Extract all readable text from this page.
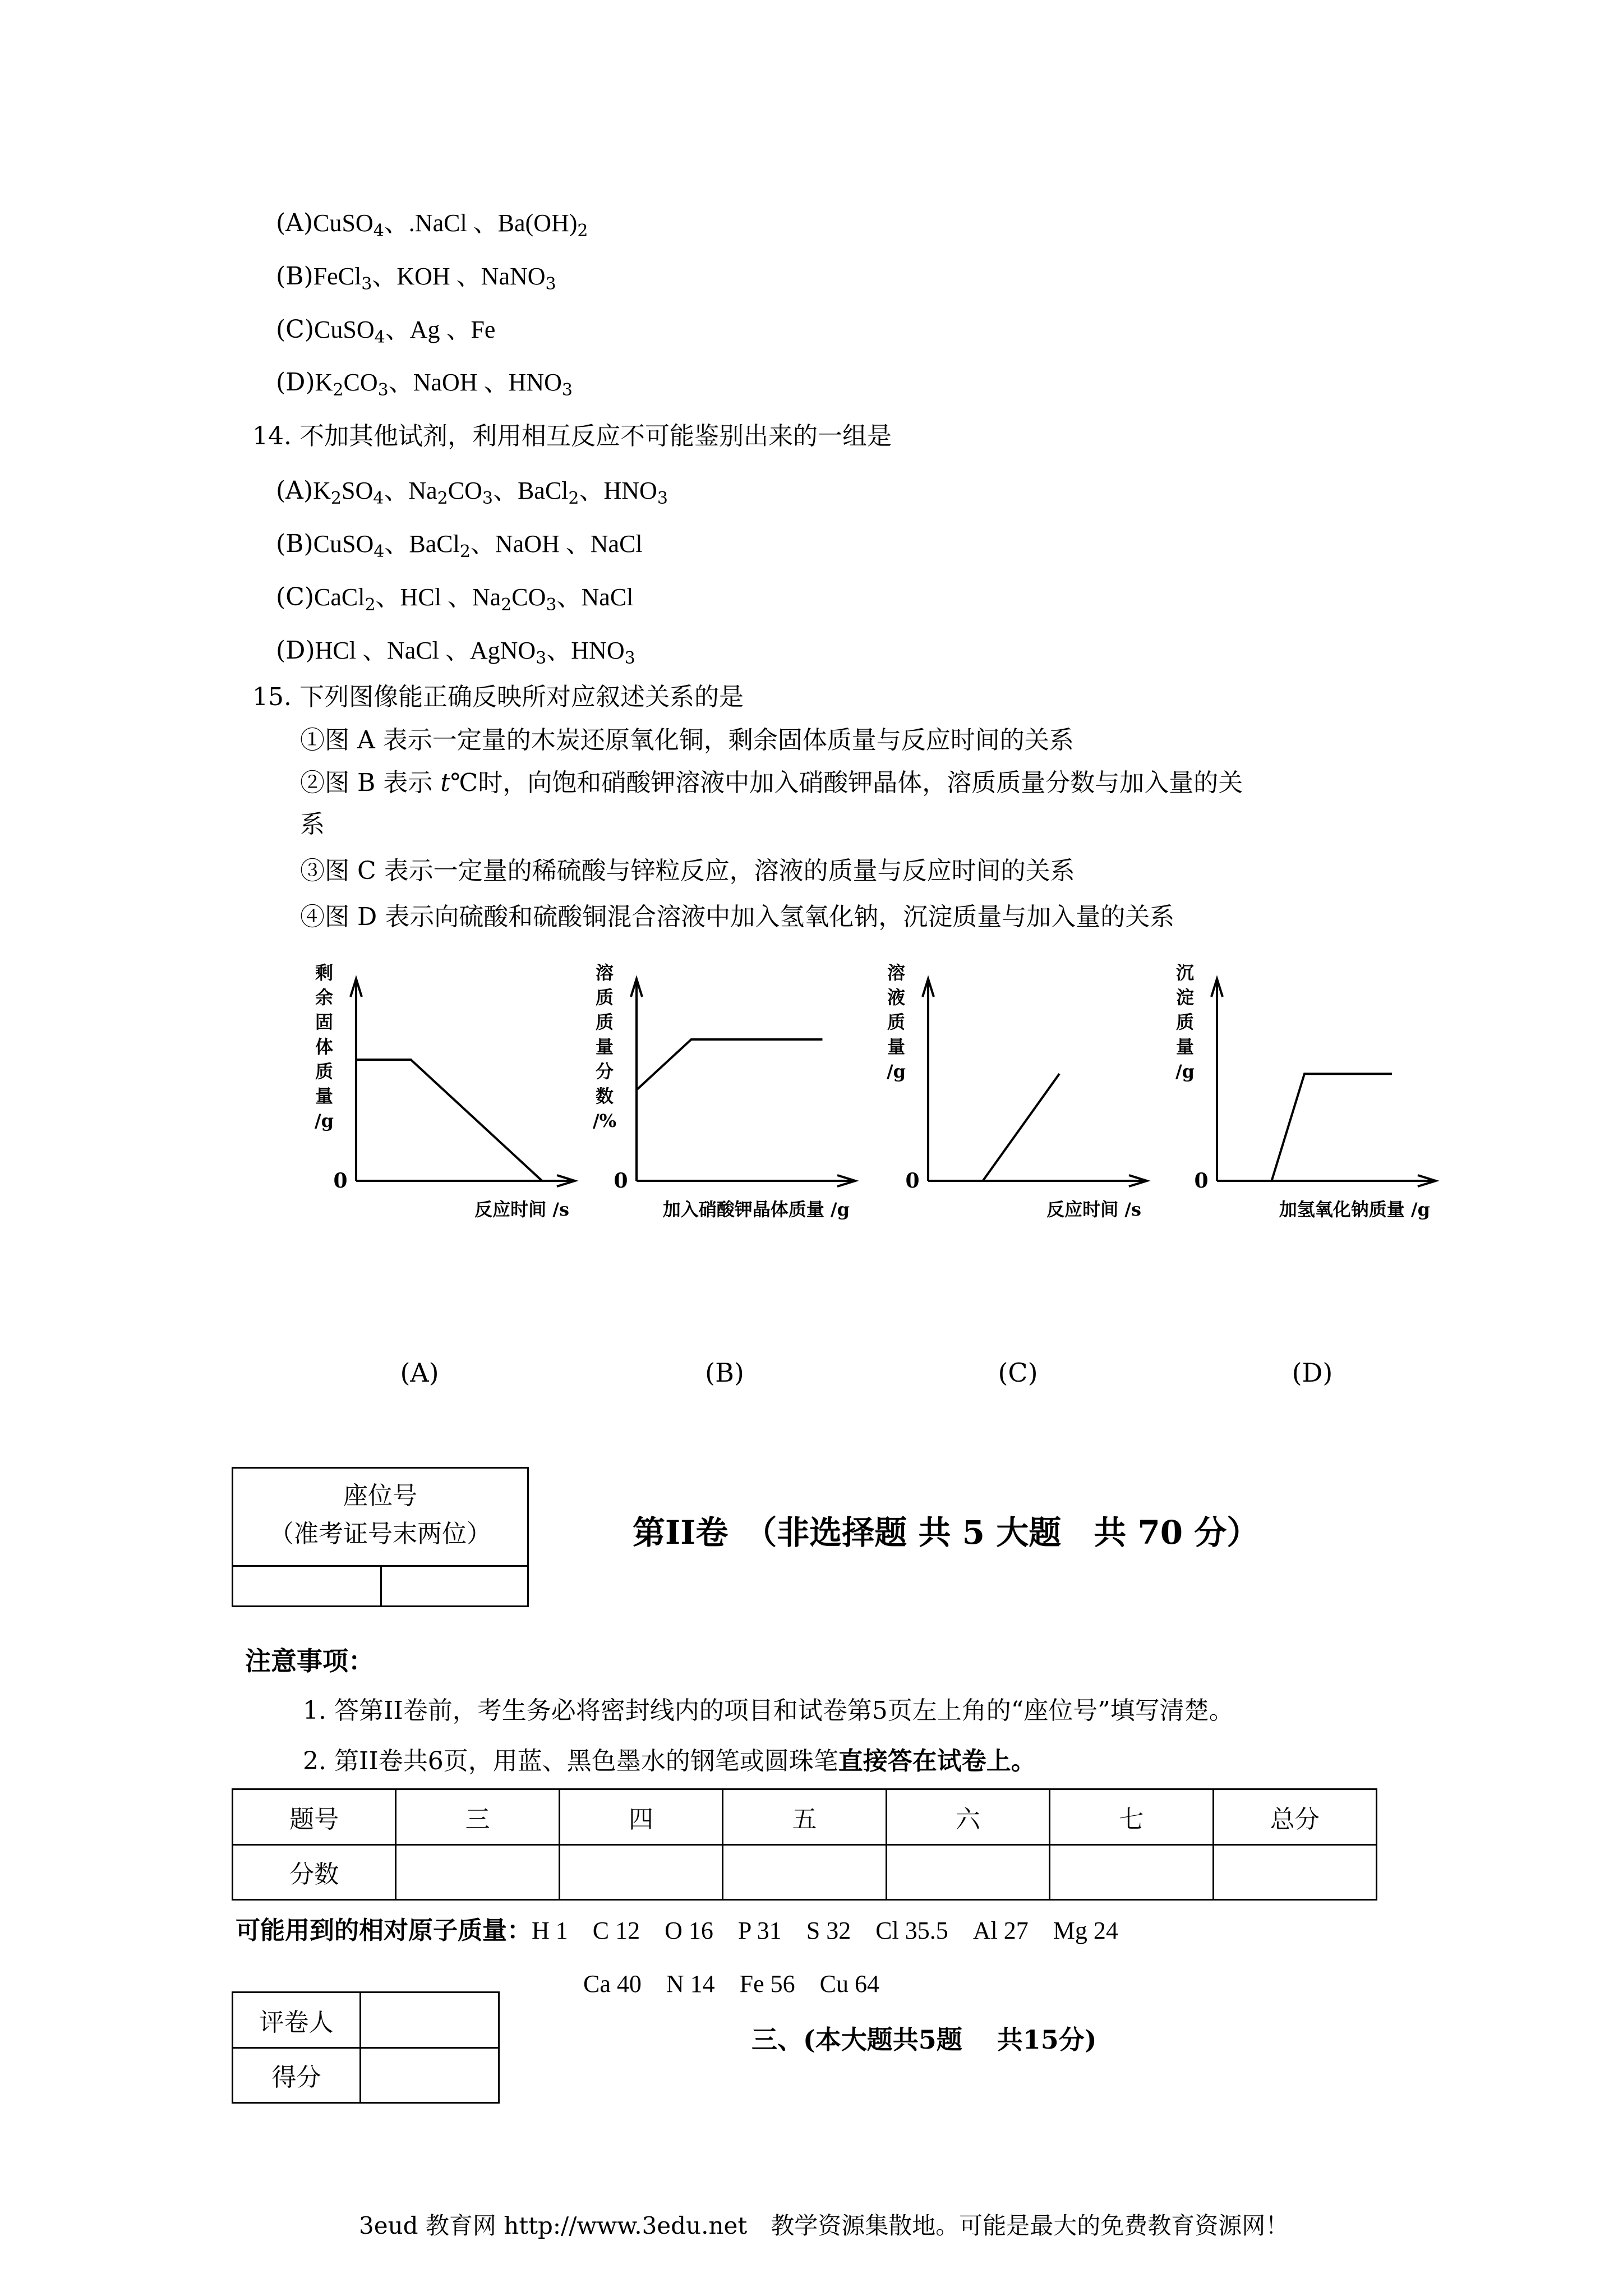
(A)CuSO$_4$、.NaCl 、$Ba(OH)_2$
(B)FeCl$_3$、KOH 、NaNO$_3$
(C)CuSO$_4$、Ag 、Fe
$(D)K_2CO_3$、NaOH 、$HNO_3$
14. 不加其他试剂，利用相互反应不可能鉴别出来的一组是
$(A)K_2SO_4$、$Na_2CO_3$、BaCl$_2$、$HNO_3$
(B)CuSO$_4$、BaCl$_2$、NaOH 、NaCl
(C)CaCl$_2$、HCl 、$Na_2CO_3$、NaCl
(D)HCl 、NaCl 、AgNO$_3$、$HNO_3$
15. 下列图像能正确反映所对应叙述关系的是
①图 A 表示一定量的木炭还原氧化铜，剩余固体质量与反应时间的关系
②图 B 表示 t℃时，向饱和硝酸钾溶液中加入硝酸钾晶体，溶质质量分数与加入量的关
系
③图 C 表示一定量的稀硫酸与锌粒反应，溶液的质量与反应时间的关系
④图 D 表示向硫酸和硫酸铜混合溶液中加入氢氧化钠，沉淀质量与加入量的关系
剩
余
固
体
质
量
∕g
0
反应时间 ∕s
溶
质
质
量
分
数
∕%
0
加入硝酸钾晶体质量 ∕g
溶
液
质
量
∕g
0
反应时间 ∕s
沉
淀
质
量
∕g
0
加氢氧化钠质量 ∕g
(A)	(B)	(C)	(D)
座位号
（准考证号末两位）	第II卷　（非选择题 共 5 大题　共 70 分）
注意事项：
1. 答第II卷前，考生务必将密封线内的项目和试卷第5页左上角的“座位号”填写清楚。
2. 第II卷共6页，用蓝、黑色墨水的钢笔或圆珠笔直接答在试卷上。
题号	三	四	五	六	七	总分
分数						
可能用到的相对原子质量：H 1　C 12　O 16　P 31　S 32　Cl 35.5　Al 27　Mg 24
Ca 40　N 14　Fe 56　Cu 64
评卷人	
得分	
三、(本大题共5题　 共15分)
3eud 教育网 http://www.3edu.net　教学资源集散地。可能是最大的免费教育资源网！
